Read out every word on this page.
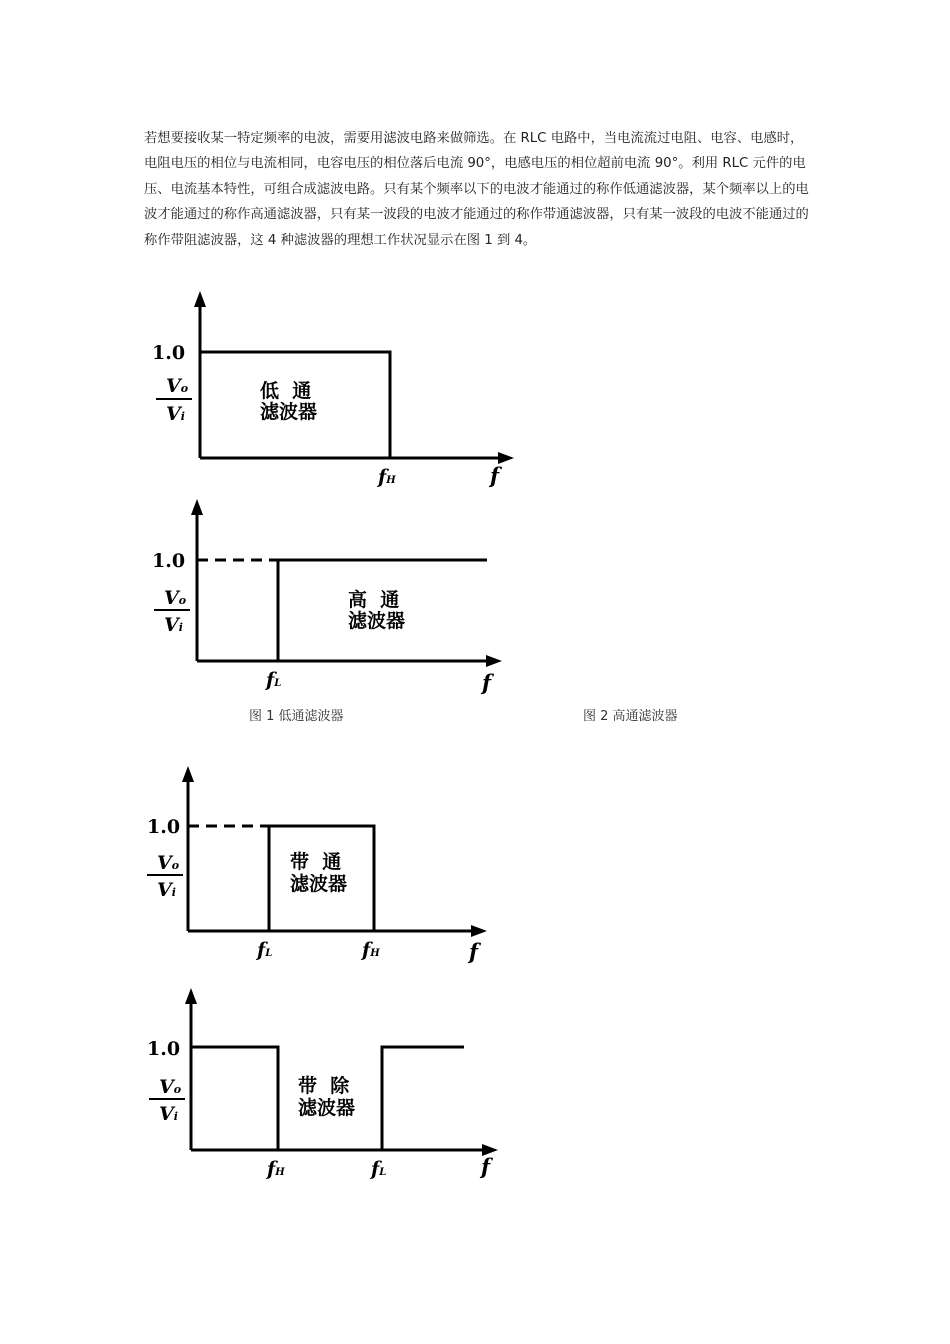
若想要接收某一特定频率的电波，需要用滤波电路来做筛选。在 RLC 电路中，当电流流过电阻、电容、电感时，电阻电压的相位与电流相同，电容电压的相位落后电流 90°，电感电压的相位超前电流 90°。利用 RLC 元件的电压、电流基本特性，可组合成滤波电路。只有某个频率以下的电波才能通过的称作低通滤波器，某个频率以上的电波才能通过的称作高通滤波器，只有某一波段的电波才能通过的称作带通滤波器，只有某一波段的电波不能通过的称作带阻滤波器，这 4 种滤波器的理想工作状况显示在图 1 到 4。

1.0
Vo
Vi
低  通
滤波器
fH	f
1.0
Vo
Vi
高  通
滤波器
fL	f
图 1 低通滤波器	图 2 高通滤波器
1.0
Vo
Vi
带  通
滤波器
fL	fH	f
1.0
Vo
Vi
带  除
滤波器
fH	fL	f
